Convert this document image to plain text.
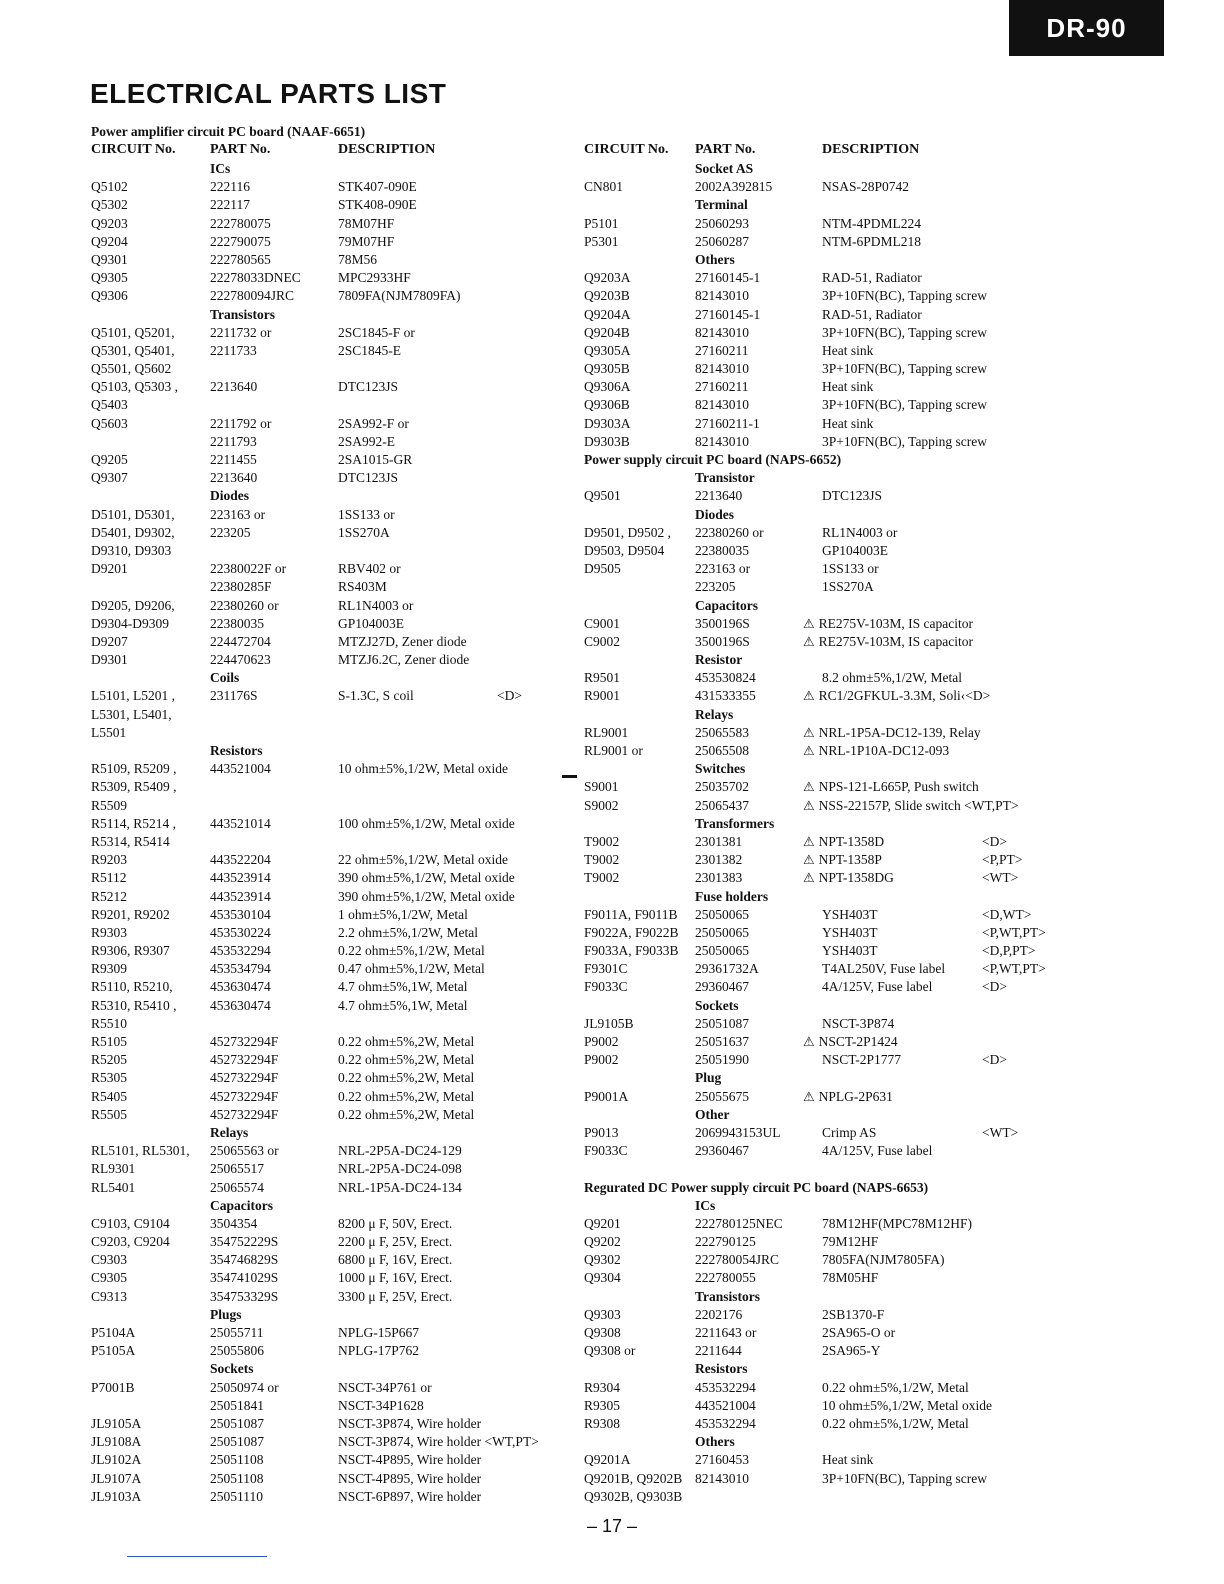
DR-90
ELECTRICAL PARTS LIST
Power amplifier circuit PC board (NAAF-6651)
CIRCUIT No. PART No.	DESCRIPTION	CIRCUIT No. PART No.	DESCRIPTION
ICs
Q5102	222116	STK407-090E
Q5302	222117	STK408-090E
Q9203	222780075	78M07HF
Q9204	222790075	79M07HF
Q9301	222780565	78M56
Q9305	22278033DNEC	MPC2933HF
Q9306	222780094JRC	7809FA(NJM7809FA)
Transistors
Q5101, Q5201,	2211732 or	2SC1845-F or
Q5301, Q5401,	2211733	2SC1845-E
Q5501, Q5602
Q5103, Q5303 , 2213640	DTC123JS
Q5403
Q5603	2211792 or	2SA992-F or
2211793	2SA992-E
Q9205	2211455	2SA1015-GR
Q9307	2213640	DTC123JS
Diodes
D5101, D5301,	223163 or	1SS133 or
D5401, D9302,	223205	1SS270A
D9310, D9303
D9201	22380022F or	RBV402 or
22380285F	RS403M
D9205, D9206,	22380260 or	RL1N4003 or
D9304-D9309	22380035	GP104003E
D9207	224472704	MTZJ27D, Zener diode
D9301	224470623	MTZJ6.2C, Zener diode
Coils
L5101, L5201 ,	231176S	S-1.3C, S coil	<D>
L5301, L5401,
L5501
Resistors
R5109, R5209 , 443521004	10 ohm±5%,1/2W, Metal oxide
R5309, R5409 ,
R5509
R5114, R5214 ,	443521014	100 ohm±5%,1/2W, Metal oxide
R5314, R5414
R9203	443522204	22 ohm±5%,1/2W, Metal oxide
R5112	443523914	390 ohm±5%,1/2W, Metal oxide
R5212	443523914	390 ohm±5%,1/2W, Metal oxide
R9201, R9202	453530104	1 ohm±5%,1/2W, Metal
R9303	453530224	2.2 ohm±5%,1/2W, Metal
R9306, R9307	453532294	0.22 ohm±5%,1/2W, Metal
R9309	453534794	0.47 ohm±5%,1/2W, Metal
R5110, R5210,	453630474	4.7 ohm±5%,1W, Metal
R5310, R5410 , 453630474	4.7 ohm±5%,1W, Metal
R5510
R5105	452732294F	0.22 ohm±5%,2W, Metal
R5205	452732294F	0.22 ohm±5%,2W, Metal
R5305	452732294F	0.22 ohm±5%,2W, Metal
R5405	452732294F	0.22 ohm±5%,2W, Metal
R5505	452732294F	0.22 ohm±5%,2W, Metal
Relays
RL5101, RL5301, 25065563 or	NRL-2P5A-DC24-129
RL9301	25065517	NRL-2P5A-DC24-098
RL5401	25065574	NRL-1P5A-DC24-134
Capacitors
C9103, C9104	3504354	8200 μ F, 50V, Erect.
C9203, C9204	354752229S	2200 μ F, 25V, Erect.
C9303	354746829S	6800 μ F, 16V, Erect.
C9305	354741029S	1000 μ F, 16V, Erect.
C9313	354753329S	3300 μ F, 25V, Erect.
Plugs
P5104A	25055711	NPLG-15P667
P5105A	25055806	NPLG-17P762
Sockets
P7001B	25050974 or	NSCT-34P761 or
25051841	NSCT-34P1628
JL9105A	25051087	NSCT-3P874, Wire holder
JL9108A	25051087	NSCT-3P874, Wire holder <WT,PT>
JL9102A	25051108	NSCT-4P895, Wire holder
JL9107A	25051108	NSCT-4P895, Wire holder
JL9103A	25051110	NSCT-6P897, Wire holder
Socket AS
CN801	2002A392815	NSAS-28P0742
Terminal
P5101	25060293	NTM-4PDML224
P5301	25060287	NTM-6PDML218
Others
Q9203A	27160145-1	RAD-51, Radiator
Q9203B	82143010	3P+10FN(BC), Tapping screw
Q9204A	27160145-1	RAD-51, Radiator
Q9204B	82143010	3P+10FN(BC), Tapping screw
Q9305A	27160211	Heat sink
Q9305B	82143010	3P+10FN(BC), Tapping screw
Q9306A	27160211	Heat sink
Q9306B	82143010	3P+10FN(BC), Tapping screw
D9303A	27160211-1	Heat sink
D9303B	82143010	3P+10FN(BC), Tapping screw
Power supply circuit PC board (NAPS-6652)
Transistor
Q9501	2213640	DTC123JS
Diodes
D9501, D9502 , 22380260 or	RL1N4003 or
D9503, D9504 22380035	GP104003E
D9505	223163 or	1SS133 or
223205	1SS270A
Capacitors
C9001	3500196S	⚠ RE275V-103M, IS capacitor
C9002	3500196S	⚠ RE275V-103M, IS capacitor
Resistor
R9501	453530824	8.2 ohm±5%,1/2W, Metal
R9001	431533355	⚠ RC1/2GFKUL-3.3M, Soli‹<D>
Relays
RL9001	25065583	⚠ NRL-1P5A-DC12-139, Relay
RL9001 or	25065508	⚠ NRL-1P10A-DC12-093
Switches
S9001	25035702	⚠ NPS-121-L665P, Push switch
S9002	25065437	⚠ NSS-22157P, Slide switch <WT,PT>
Transformers
T9002	2301381	⚠ NPT-1358D	<D>
T9002	2301382	⚠ NPT-1358P	<P,PT>
T9002	2301383	⚠ NPT-1358DG	<WT>
Fuse holders
F9011A, F9011B 25050065	YSH403T	<D,WT>
F9022A, F9022B 25050065	YSH403T	<P,WT,PT>
F9033A, F9033B 25050065	YSH403T	<D,P,PT>
F9301C	29361732A	T4AL250V, Fuse label	<P,WT,PT>
F9033C	29360467	4A/125V, Fuse label	<D>
Sockets
JL9105B	25051087	NSCT-3P874
P9002	25051637	⚠ NSCT-2P1424
P9002	25051990	NSCT-2P1777	<D>
Plug
P9001A	25055675	⚠ NPLG-2P631
Other
P9013	2069943153UL	Crimp AS	<WT>
F9033C	29360467	4A/125V, Fuse label
Regurated DC Power supply circuit PC board (NAPS-6653)
ICs
Q9201	222780125NEC	78M12HF(MPC78M12HF)
Q9202	222790125	79M12HF
Q9302	222780054JRC	7805FA(NJM7805FA)
Q9304	222780055	78M05HF
Transistors
Q9303	2202176	2SB1370-F
Q9308	2211643 or	2SA965-O or
Q9308 or	2211644	2SA965-Y
Resistors
R9304	453532294	0.22 ohm±5%,1/2W, Metal
R9305	443521004	10 ohm±5%,1/2W, Metal oxide
R9308	453532294	0.22 ohm±5%,1/2W, Metal
Others
Q9201A	27160453	Heat sink
Q9201B, Q9202B 82143010	3P+10FN(BC), Tapping screw
Q9302B, Q9303B
– 17 –
